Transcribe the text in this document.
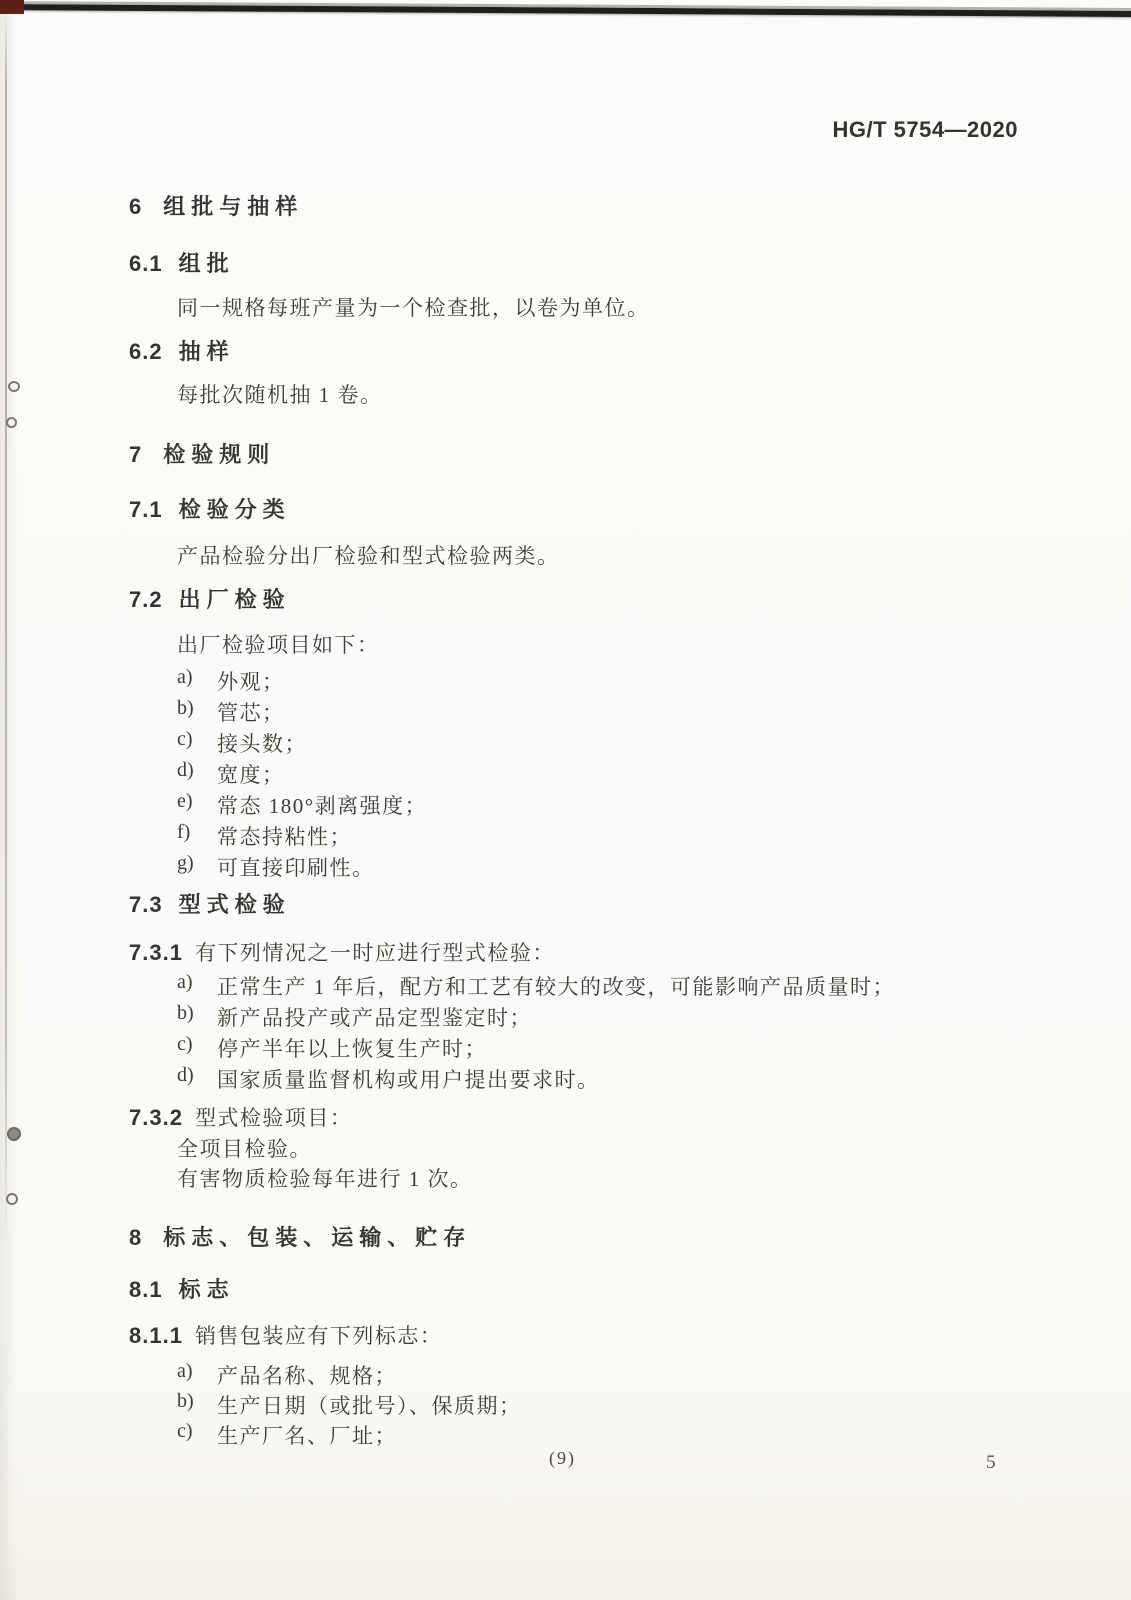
HG/T 5754—2020
6 组批与抽样
6.1 组批
同一规格每班产量为一个检查批，以卷为单位。
6.2 抽样
每批次随机抽 1 卷。
7 检验规则
7.1 检验分类
产品检验分出厂检验和型式检验两类。
7.2 出厂检验
出厂检验项目如下：
a)	外观；
b)	管芯；
c)	接头数；
d)	宽度；
e)	常态 180°剥离强度；
f)	常态持粘性；
g)	可直接印刷性。
7.3 型式检验
7.3.1 有下列情况之一时应进行型式检验：
a)	正常生产 1 年后，配方和工艺有较大的改变，可能影响产品质量时；
b)	新产品投产或产品定型鉴定时；
c)	停产半年以上恢复生产时；
d)	国家质量监督机构或用户提出要求时。
7.3.2 型式检验项目：
全项目检验。
有害物质检验每年进行 1 次。
8 标志、包装、运输、贮存
8.1 标志
8.1.1 销售包装应有下列标志：
a)	产品名称、规格；
b)	生产日期（或批号）、保质期；
c)	生产厂名、厂址；
(9)	5
